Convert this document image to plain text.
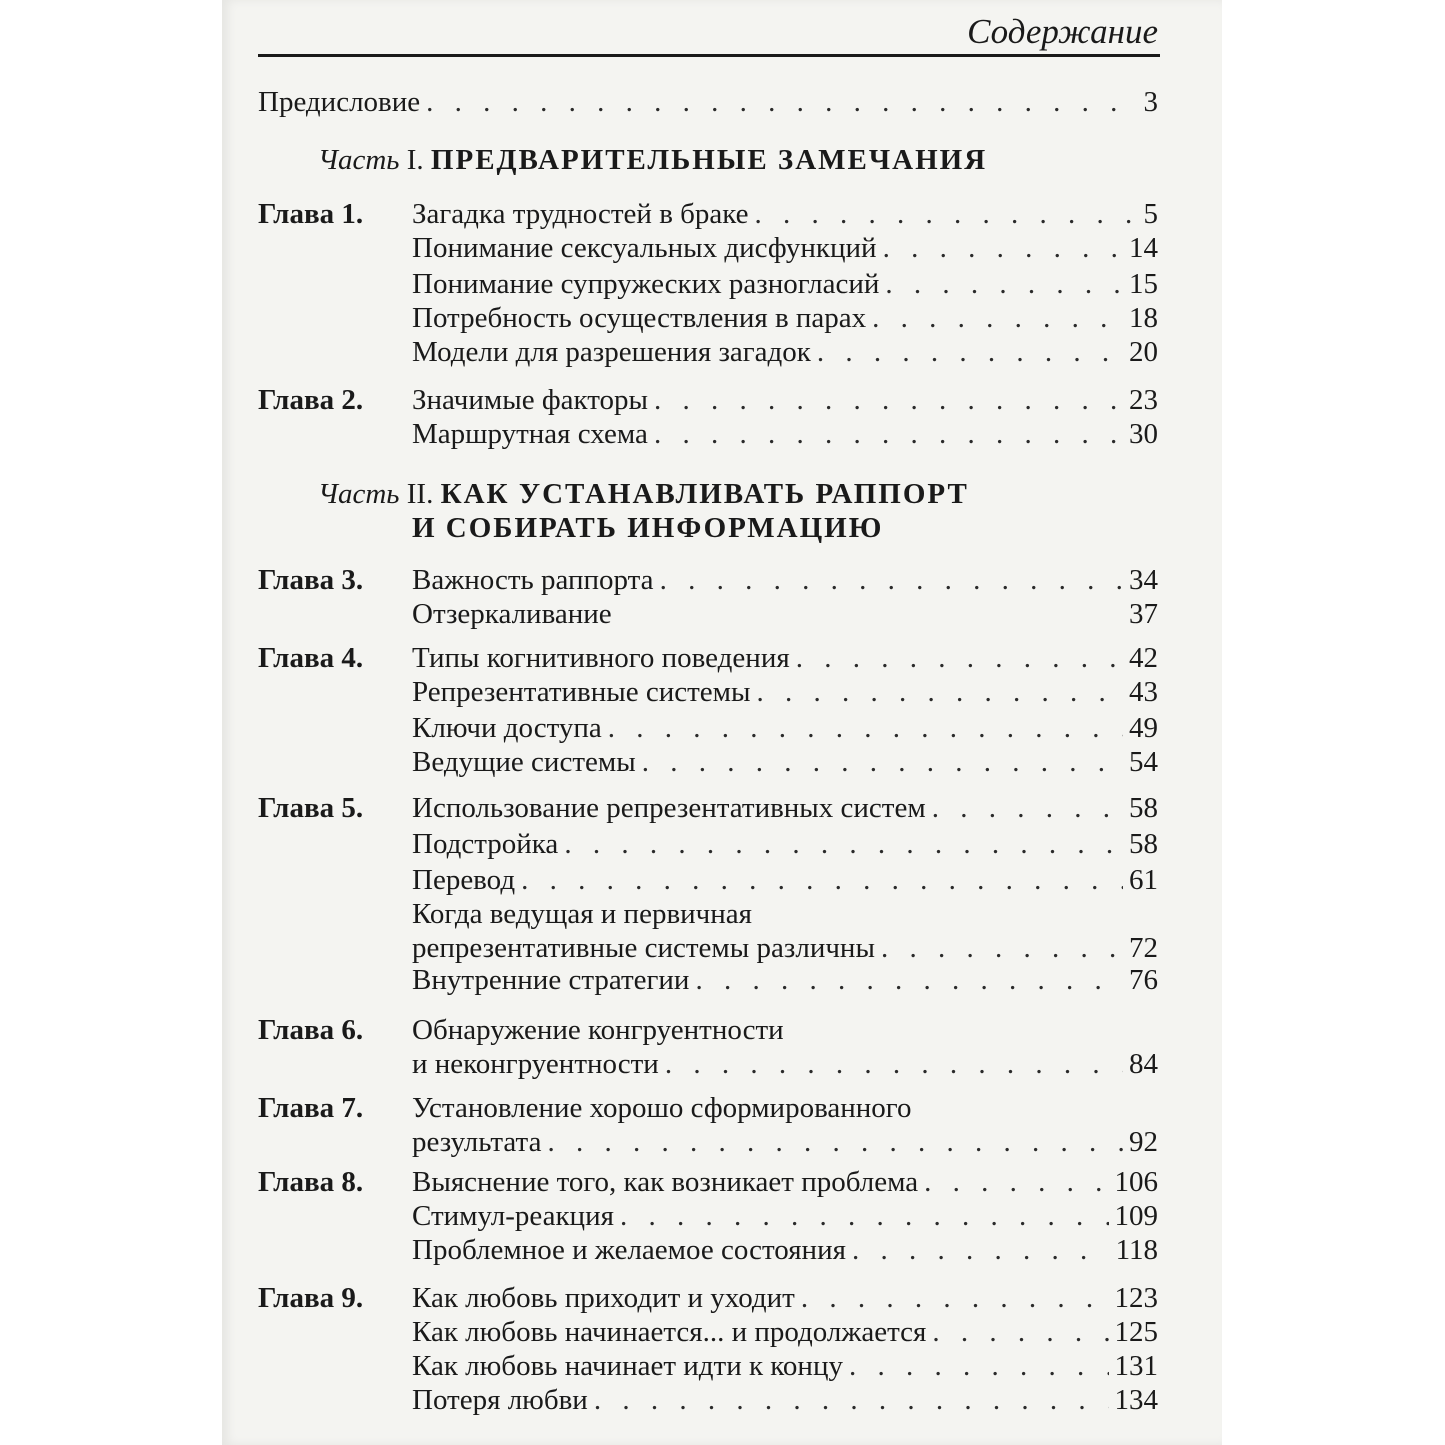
Содержание
Предисловие . . .	3
Часть I. ПРЕДВАРИТЕЛЬНЫЕ ЗАМЕЧАНИЯ
Глава 1.	Загадка трудностей в браке . . .	5
Понимание сексуальных дисфункций . . .	14
Понимание супружеских разногласий . . .	15
Потребность осуществления в парах . . .	18
Модели для разрешения загадок . . .	20
Глава 2.	Значимые факторы . . .	23
Маршрутная схема . . .	30
Часть II. КАК УСТАНАВЛИВАТЬ РАППОРТ
И СОБИРАТЬ ИНФОРМАЦИЮ
Глава 3.	Важность раппорта . . .	34
Отзеркаливание	37
Глава 4.	Типы когнитивного поведения . . .	42
Репрезентативные системы . . .	43
Ключи доступа . . .	49
Ведущие системы . . .	54
Глава 5.	Использование репрезентативных систем . . .	58
Подстройка . . .	58
Перевод . . .	61
Когда ведущая и первичная
репрезентативные системы различны . . .	72
Внутренние стратегии . . .	76
Глава 6.	Обнаружение конгруентности
и неконгруентности . . .	84
Глава 7.	Установление хорошо сформированного
результата . . .	92
Глава 8.	Выяснение того, как возникает проблема . . .	106
Стимул-реакция . . .	109
Проблемное и желаемое состояния . . .	118
Глава 9.	Как любовь приходит и уходит . . .	123
Как любовь начинается... и продолжается . . .	125
Как любовь начинает идти к концу . . .	131
Потеря любви . . .	134
